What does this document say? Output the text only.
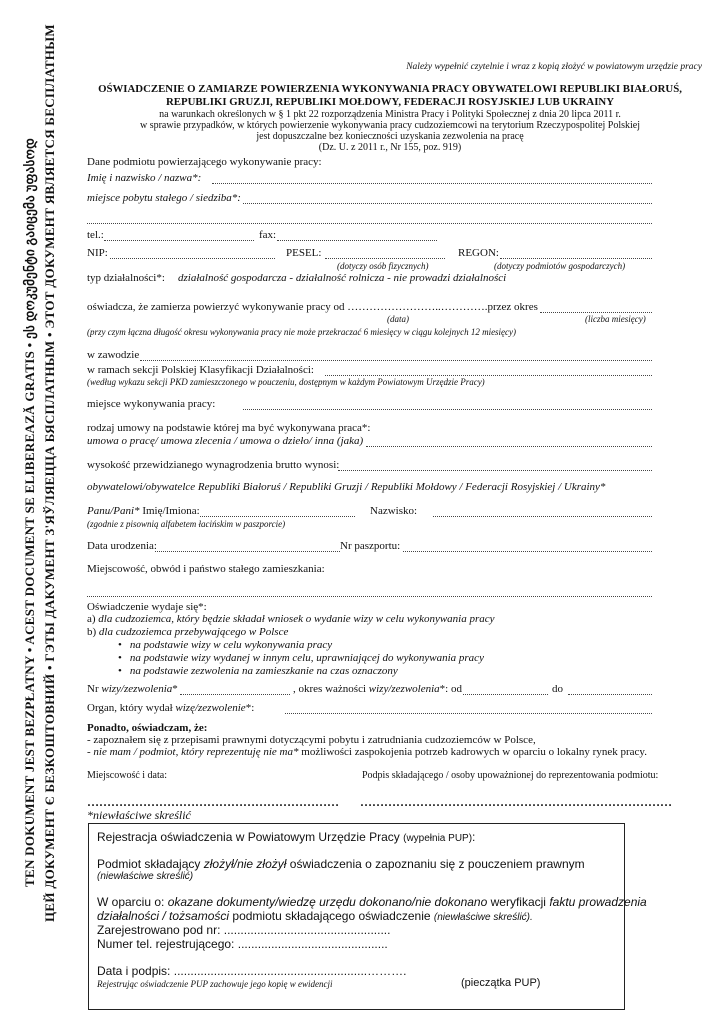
TEN DOKUMENT JEST BEZPŁATNY • ACEST DOCUMENT SE ELIBEREAZĂ GRATIS • ეს დოკუმენტი გაიცემა უფასოდ ЦЕЙ ДОКУМЕНТ Є БЕЗКОШТОВНИЙ • ГЭТЫ ДАКУМЕНТ З'ЯЎЛЯЕЦЦА БЯСПЛАТНЫМ • ЭТОТ ДОКУМЕНТ ЯВЛЯЕТСЯ БЕСПЛАТНЫМ	Należy wypełnić czytelnie i wraz z kopią złożyć w powiatowym urzędzie pracy
OŚWIADCZENIE O ZAMIARZE POWIERZENIA WYKONYWANIA PRACY OBYWATELOWI REPUBLIKI BIAŁORUŚ,
REPUBLIKI GRUZJI, REPUBLIKI MOŁDOWY, FEDERACJI ROSYJSKIEJ LUB UKRAINY
na warunkach określonych w § 1 pkt 22 rozporządzenia Ministra Pracy i Polityki Społecznej z dnia 20 lipca 2011 r.
w sprawie przypadków, w których powierzenie wykonywania pracy cudzoziemcowi na terytorium Rzeczypospolitej Polskiej
jest dopuszczalne bez konieczności uzyskania zezwolenia na pracę
(Dz. U. z 2011 r., Nr 155, poz. 919)
Dane podmiotu powierzającego wykonywanie pracy:
Imię i nazwisko / nazwa*:
miejsce pobytu stałego / siedziba*:
tel.:	fax:
NIP:	PESEL:	REGON:
(dotyczy osób fizycznych)	(dotyczy podmiotów gospodarczych)
typ działalności*: działalność gospodarcza - działalność rolnicza - nie prowadzi działalności
oświadcza, że zamierza powierzyć wykonywanie pracy od ……………………..………….przez okres
(data)	(liczba miesięcy)
(przy czym łączna długość okresu wykonywania pracy nie może przekraczać 6 miesięcy w ciągu kolejnych 12 miesięcy)
w zawodzie
w ramach sekcji Polskiej Klasyfikacji Działalności:
(według wykazu sekcji PKD zamieszczonego w pouczeniu, dostępnym w każdym Powiatowym Urzędzie Pracy)
miejsce wykonywania pracy:
rodzaj umowy na podstawie której ma być wykonywana praca*:
umowa o pracę/ umowa zlecenia / umowa o dzieło/ inna (jaka)
wysokość przewidzianego wynagrodzenia brutto wynosi:
obywatelowi/obywatelce Republiki Białoruś / Republiki Gruzji / Republiki Mołdowy / Federacji Rosyjskiej / Ukrainy*
Panu/Pani* Imię/Imiona:	Nazwisko:
(zgodnie z pisownią alfabetem łacińskim w paszporcie)
Data urodzenia:	Nr paszportu:
Miejscowość, obwód i państwo stałego zamieszkania:
Oświadczenie wydaje się*:
a) dla cudzoziemca, który będzie składał wniosek o wydanie wizy w celu wykonywania pracy
b) dla cudzoziemca przebywającego w Polsce
• na podstawie wizy w celu wykonywania pracy
• na podstawie wizy wydanej w innym celu, uprawniającej do wykonywania pracy
• na podstawie zezwolenia na zamieszkanie na czas oznaczony
Nr wizy/zezwolenia*	, okres ważności wizy/zezwolenia*: od	do
Organ, który wydał wizę/zezwolenie*:
Ponadto, oświadczam, że:
- zapoznałem się z przepisami prawnymi dotyczącymi pobytu i zatrudniania cudzoziemców w Polsce,
- nie mam / podmiot, który reprezentuję nie ma* możliwości zaspokojenia potrzeb kadrowych w oparciu o lokalny rynek pracy.
Miejscowość i data:	Podpis składającego / osoby upoważnionej do reprezentowania podmiotu:
……………………………………………………… ……………………………………………………………………
*niewłaściwe skreślić
Rejestracja oświadczenia w Powiatowym Urzędzie Pracy (wypełnia PUP):
Podmiot składający złożył/nie złożył oświadczenia o zapoznaniu się z pouczeniem prawnym
(niewłaściwe skreślić)
W oparciu o: okazane dokumenty/wiedzę urzędu dokonano/nie dokonano weryfikacji faktu prowadzenia
działalności / tożsamości podmiotu składającego oświadczenie (niewłaściwe skreślić).
Zarejestrowano pod nr: ..................................................
Numer tel. rejestrującego: .............................................
Data i podpis: ..........................................................……….
Rejestrując oświadczenie PUP zachowuje jego kopię w ewidencji	(pieczątka PUP)
